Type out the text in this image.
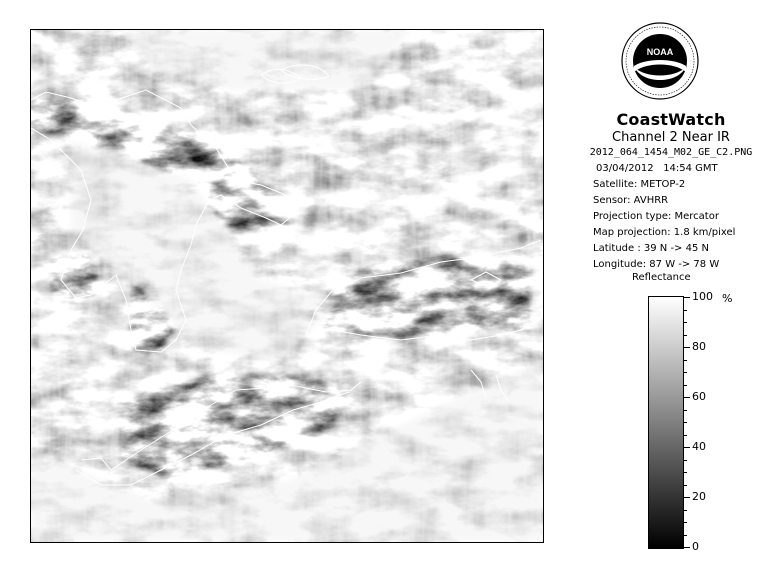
NOAA
CoastWatch
Channel 2 Near IR
2012_064_1454_M02_GE_C2.PNG
03/04/2012 14:54 GMT
Satellite: METOP-2
Sensor: AVHRR
Projection type: Mercator
Map projection: 1.8 km/pixel
Latitude : 39 N -> 45 N
Longitude: 87 W -> 78 W
Reflectance
%
100
80
60
40
20
0
